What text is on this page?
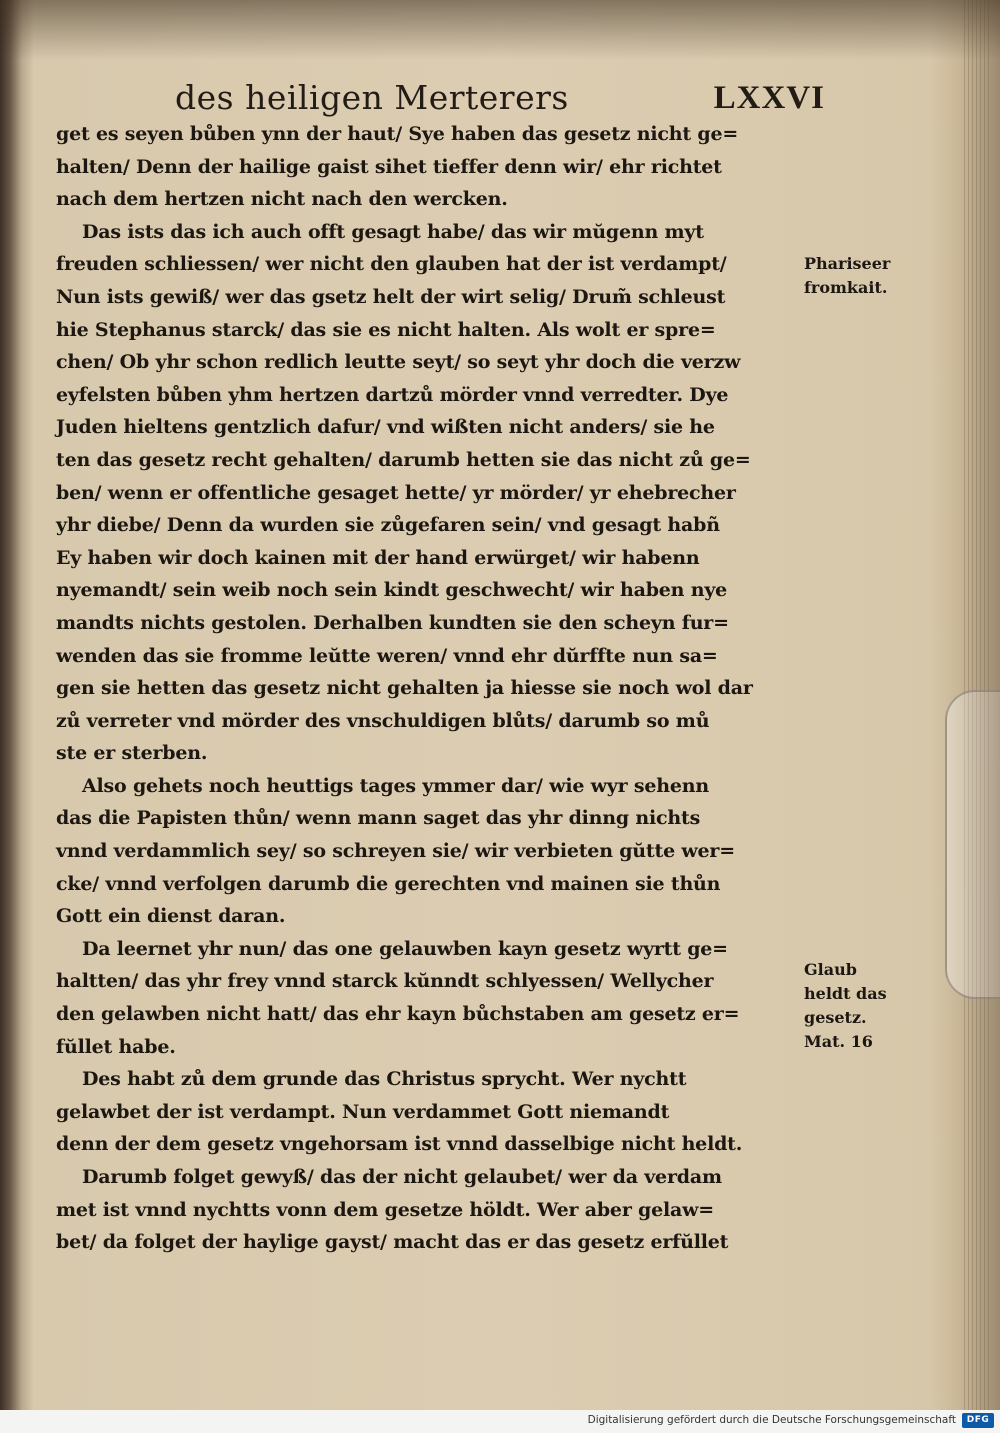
des heiligen Merterers	LXXVI
get es seyen bůben ynn der haut/ Sye haben das gesetz nicht ge=
halten/ Denn der hailige gaist sihet tieffer denn wir/ ehr richtet
nach dem hertzen nicht nach den wercken.
Das ists das ich auch offt gesagt habe/ das wir mŭgenn myt
freuden schliessen/ wer nicht den glauben hat der ist verdampt/
Nun ists gewiß/ wer das gsetz helt der wirt selig/ Drum̃ schleust
hie Stephanus starck/ das sie es nicht halten. Als wolt er spre=
chen/ Ob yhr schon redlich leutte seyt/ so seyt yhr doch die verzw
eyfelsten bůben yhm hertzen dartzů mörder vnnd verredter. Dye
Juden hieltens gentzlich dafur/ vnd wißten nicht anders/ sie he
ten das gesetz recht gehalten/ darumb hetten sie das nicht zů ge=
ben/ wenn er offentliche gesaget hette/ yr mörder/ yr ehebrecher
yhr diebe/ Denn da wurden sie zůgefaren sein/ vnd gesagt habñ
Ey haben wir doch kainen mit der hand erwürget/ wir habenn
nyemandt/ sein weib noch sein kindt geschwecht/ wir haben nye
mandts nichts gestolen. Derhalben kundten sie den scheyn fur=
wenden das sie fromme leŭtte weren/ vnnd ehr dŭrffte nun sa=
gen sie hetten das gesetz nicht gehalten ja hiesse sie noch wol dar
zů verreter vnd mörder des vnschuldigen blůts/ darumb so mů
ste er sterben.
Also gehets noch heuttigs tages ymmer dar/ wie wyr sehenn
das die Papisten thůn/ wenn mann saget das yhr dinng nichts
vnnd verdammlich sey/ so schreyen sie/ wir verbieten gŭtte wer=
cke/ vnnd verfolgen darumb die gerechten vnd mainen sie thůn
Gott ein dienst daran.
Da leernet yhr nun/ das one gelauwben kayn gesetz wyrtt ge=
haltten/ das yhr frey vnnd starck kŭnndt schlyessen/ Wellycher
den gelawben nicht hatt/ das ehr kayn bůchstaben am gesetz er=
fŭllet habe.
Des habt zů dem grunde das Christus sprycht. Wer nychtt
gelawbet der ist verdampt. Nun verdammet Gott niemandt
denn der dem gesetz vngehorsam ist vnnd dasselbige nicht heldt.
Darumb folget gewyß/ das der nicht gelaubet/ wer da verdam
met ist vnnd nychtts vonn dem gesetze höldt. Wer aber gelaw=
bet/ da folget der haylige gayst/ macht das er das gesetz erfŭllet
Phariseer
fromkait.
Glaub
heldt das
gesetz.
Mat. 16
Digitalisierung gefördert durch die Deutsche Forschungsgemeinschaft	DFG
